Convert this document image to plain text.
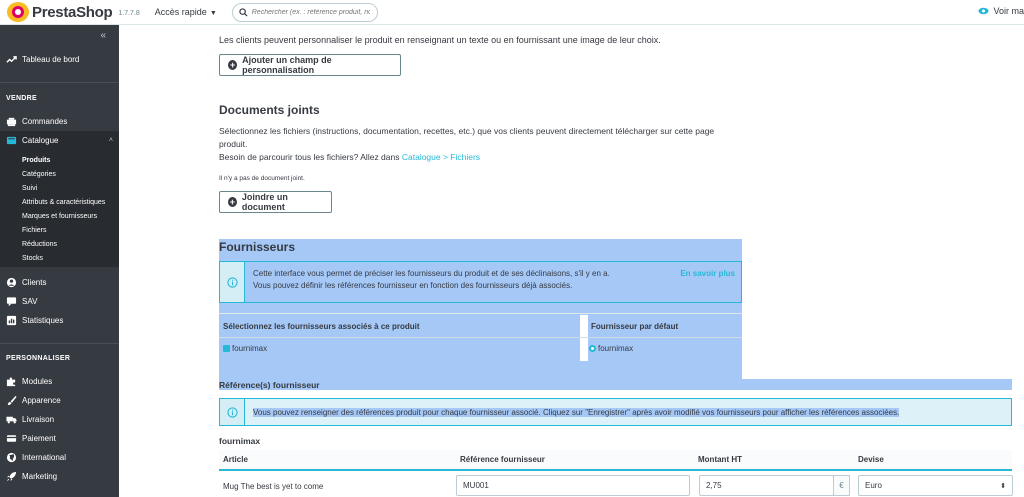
PrestaShop 1.7.7.8 Accès rapide ▼
Rechercher (ex. : référence produit, nom	Voir ma
«
Tableau de bord
VENDRE
Commandes
Catalogue	˄
Produits
Catégories
Suivi
Attributs & caractéristiques
Marques et fournisseurs
Fichiers
Réductions
Stocks
Clients
SAV
Statistiques
PERSONNALISER
Modules
Apparence
Livraison
Paiement
International
Marketing
Les clients peuvent personnaliser le produit en renseignant un texte ou en fournissant une image de leur choix.
+ Ajouter un champ de personnalisation
Documents joints
Sélectionnez les fichiers (instructions, documentation, recettes, etc.) que vos clients peuvent directement télécharger sur cette page
produit.
Besoin de parcourir tous les fichiers? Allez dans Catalogue > Fichiers
Il n'y a pas de document joint.
+ Joindre un document
Fournisseurs
Cette interface vous permet de préciser les fournisseurs du produit et de ses déclinaisons, s'il y en a.
Vous pouvez définir les références fournisseur en fonction des fournisseurs déjà associés.
En savoir plus
Sélectionnez les fournisseurs associés à ce produit	Fournisseur par défaut
fournimax	fournimax
Référence(s) fournisseur
Vous pouvez renseigner des références produit pour chaque fournisseur associé. Cliquez sur "Enregistrer" après avoir modifié vos fournisseurs pour afficher les références associées.
fournimax
Article	Référence fournisseur	Montant HT	Devise
Mug The best is yet to come	MU001	2,75	€	Euro	⬍
